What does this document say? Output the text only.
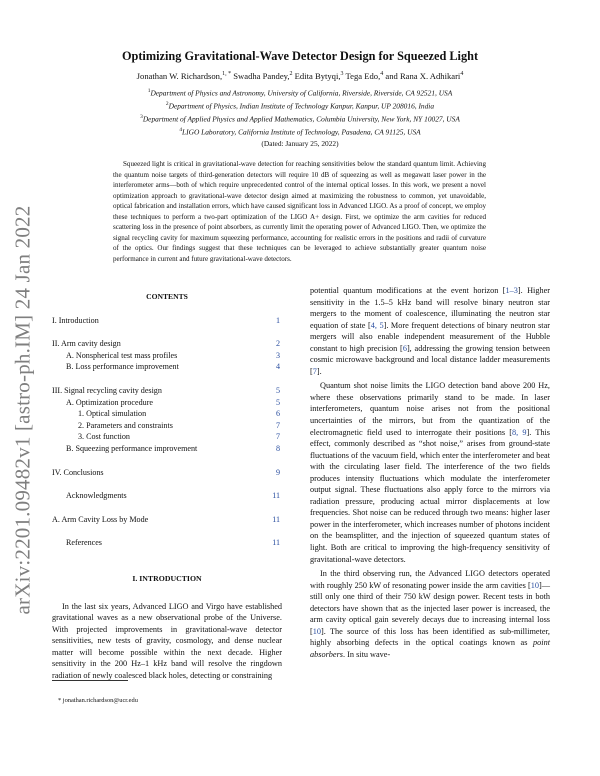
arXiv:2201.09482v1 [astro-ph.IM] 24 Jan 2022
Optimizing Gravitational-Wave Detector Design for Squeezed Light
Jonathan W. Richardson,$^{1, *}$ Swadha Pandey,$^2$ Edita Bytyqi,$^3$ Tega Edo,$^4$ and Rana X. Adhikari$^4$
$^1$Department of Physics and Astronomy, University of California, Riverside, Riverside, CA 92521, USA
$^2$Department of Physics, Indian Institute of Technology Kanpur, Kanpur, UP 208016, India
$^3$Department of Applied Physics and Applied Mathematics, Columbia University, New York, NY 10027, USA
$^4$LIGO Laboratory, California Institute of Technology, Pasadena, CA 91125, USA
(Dated: January 25, 2022)
Squeezed light is critical in gravitational-wave detection for reaching sensitivities below the standard quantum limit. Achieving the quantum noise targets of third-generation detectors will require 10 dB of squeezing as well as megawatt laser power in the interferometer arms—both of which require unprecedented control of the internal optical losses. In this work, we present a novel optimization approach to gravitational-wave detector design aimed at maximizing the robustness to common, yet unavoidable, optical fabrication and installation errors, which have caused significant loss in Advanced LIGO. As a proof of concept, we employ these techniques to perform a two-part optimization of the LIGO A+ design. First, we optimize the arm cavities for reduced scattering loss in the presence of point absorbers, as currently limit the operating power of Advanced LIGO. Then, we optimize the signal recycling cavity for maximum squeezing performance, accounting for realistic errors in the positions and radii of curvature of the optics. Our findings suggest that these techniques can be leveraged to achieve substantially greater quantum noise performance in current and future gravitational-wave detectors.
CONTENTS
I. Introduction	1
II. Arm cavity design	2
A. Nonspherical test mass profiles	3
B. Loss performance improvement	4
III. Signal recycling cavity design	5
A. Optimization procedure	5
1. Optical simulation	6
2. Parameters and constraints	7
3. Cost function	7
B. Squeezing performance improvement	8
IV. Conclusions	9
Acknowledgments	11
A. Arm Cavity Loss by Mode	11
References	11
I. INTRODUCTION

In the last six years, Advanced LIGO and Virgo have established gravitational waves as a new observational probe of the Universe. With projected improvements in gravitational-wave detector sensitivities, new tests of gravity, cosmology, and dense nuclear matter will become possible within the next decade. Higher sensitivity in the 200 Hz–1 kHz band will resolve the ringdown radiation of newly coalesced black holes, detecting or constraining

* jonathan.richardson@ucr.edu

potential quantum modifications at the event horizon [1–3]. Higher sensitivity in the 1.5–5 kHz band will resolve binary neutron star mergers to the moment of coalescence, illuminating the neutron star equation of state [4, 5]. More frequent detections of binary neutron star mergers will also enable independent measurement of the Hubble constant to high precision [6], addressing the growing tension between cosmic microwave background and local distance ladder measurements [7].

Quantum shot noise limits the LIGO detection band above 200 Hz, where these observations primarily stand to be made. In laser interferometers, quantum noise arises not from the positional uncertainties of the mirrors, but from the quantization of the electromagnetic field used to interrogate their positions [8, 9]. This effect, commonly described as “shot noise,” arises from ground-state fluctuations of the vacuum field, which enter the interferometer and beat with the circulating laser field. The interference of the two fields produces intensity fluctuations which modulate the interferometer output signal. These fluctuations also apply force to the mirrors via radiation pressure, producing actual mirror displacements at low frequencies. Shot noise can be reduced through two means: higher laser power in the interferometer, which increases number of photons incident on the beamsplitter, and the injection of squeezed quantum states of light. Both are critical to improving the high-frequency sensitivity of gravitational-wave detectors.

In the third observing run, the Advanced LIGO detectors operated with roughly 250 kW of resonating power inside the arm cavities [10]—still only one third of their 750 kW design power. Recent tests in both detectors have shown that as the injected laser power is increased, the arm cavity optical gain severely decays due to increasing internal loss [10]. The source of this loss has been identified as sub-millimeter, highly absorbing defects in the optical coatings known as point absorbers. In situ wave-
